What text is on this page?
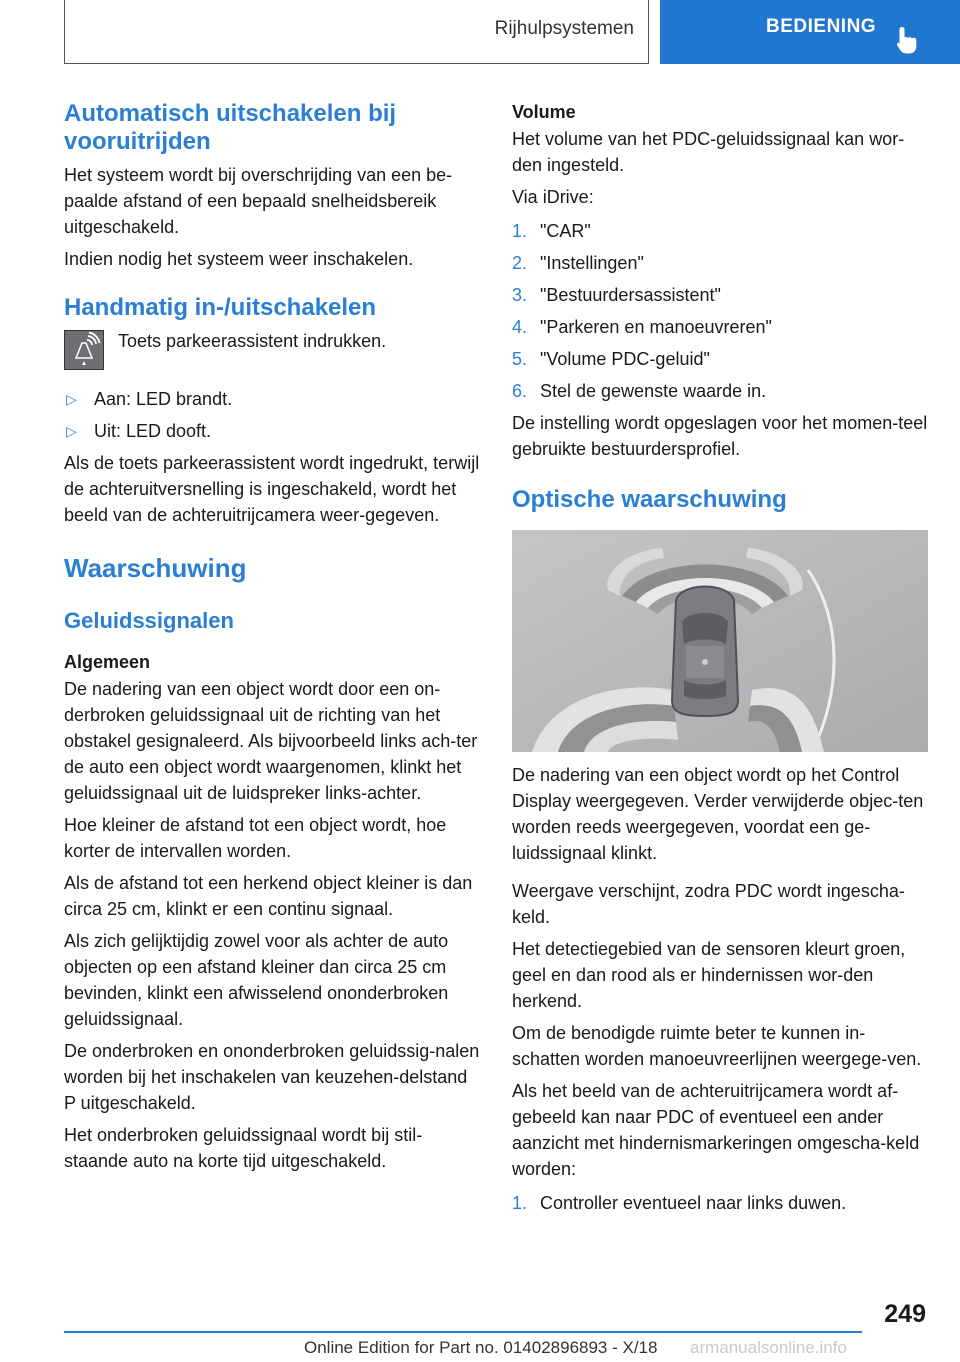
Rijhulpsystemen	BEDIENING
Automatisch uitschakelen bij vooruitrijden

Het systeem wordt bij overschrijding van een be-paalde afstand of een bepaald snelheidsbereik uitgeschakeld.

Indien nodig het systeem weer inschakelen.

Handmatig in-/uitschakelen

Toets parkeerassistent indrukken.

▷ Aan: LED brandt.
▷ Uit: LED dooft.

Als de toets parkeerassistent wordt ingedrukt, terwijl de achteruitversnelling is ingeschakeld, wordt het beeld van de achteruitrijcamera weer-gegeven.

Waarschuwing
Geluidssignalen
Algemeen

De nadering van een object wordt door een on-derbroken geluidssignaal uit de richting van het obstakel gesignaleerd. Als bijvoorbeeld links ach-ter de auto een object wordt waargenomen, klinkt het geluidssignaal uit de luidspreker links-achter.

Hoe kleiner de afstand tot een object wordt, hoe korter de intervallen worden.

Als de afstand tot een herkend object kleiner is dan circa 25 cm, klinkt er een continu signaal.

Als zich gelijktijdig zowel voor als achter de auto objecten op een afstand kleiner dan circa 25 cm bevinden, klinkt een afwisselend ononderbroken geluidssignaal.

De onderbroken en ononderbroken geluidssig-nalen worden bij het inschakelen van keuzehen-delstand P uitgeschakeld.

Het onderbroken geluidssignaal wordt bij stil-staande auto na korte tijd uitgeschakeld.

Volume

Het volume van het PDC-geluidssignaal kan wor-den ingesteld.

Via iDrive:

1. "CAR"
2. "Instellingen"
3. "Bestuurdersassistent"
4. "Parkeren en manoeuvreren"
5. "Volume PDC-geluid"
6. Stel de gewenste waarde in.

De instelling wordt opgeslagen voor het momen-teel gebruikte bestuurdersprofiel.

Optische waarschuwing

De nadering van een object wordt op het Control Display weergegeven. Verder verwijderde objec-ten worden reeds weergegeven, voordat een ge-luidssignaal klinkt.

Weergave verschijnt, zodra PDC wordt ingescha-keld.

Het detectiegebied van de sensoren kleurt groen, geel en dan rood als er hindernissen wor-den herkend.

Om de benodigde ruimte beter te kunnen in-schatten worden manoeuvreerlijnen weergege-ven.

Als het beeld van de achteruitrijcamera wordt af-gebeeld kan naar PDC of eventueel een ander aanzicht met hindernismarkeringen omgescha-keld worden:

1. Controller eventueel naar links duwen.
249
Online Edition for Part no. 01402896893 - X/18 armanualsonline.info
